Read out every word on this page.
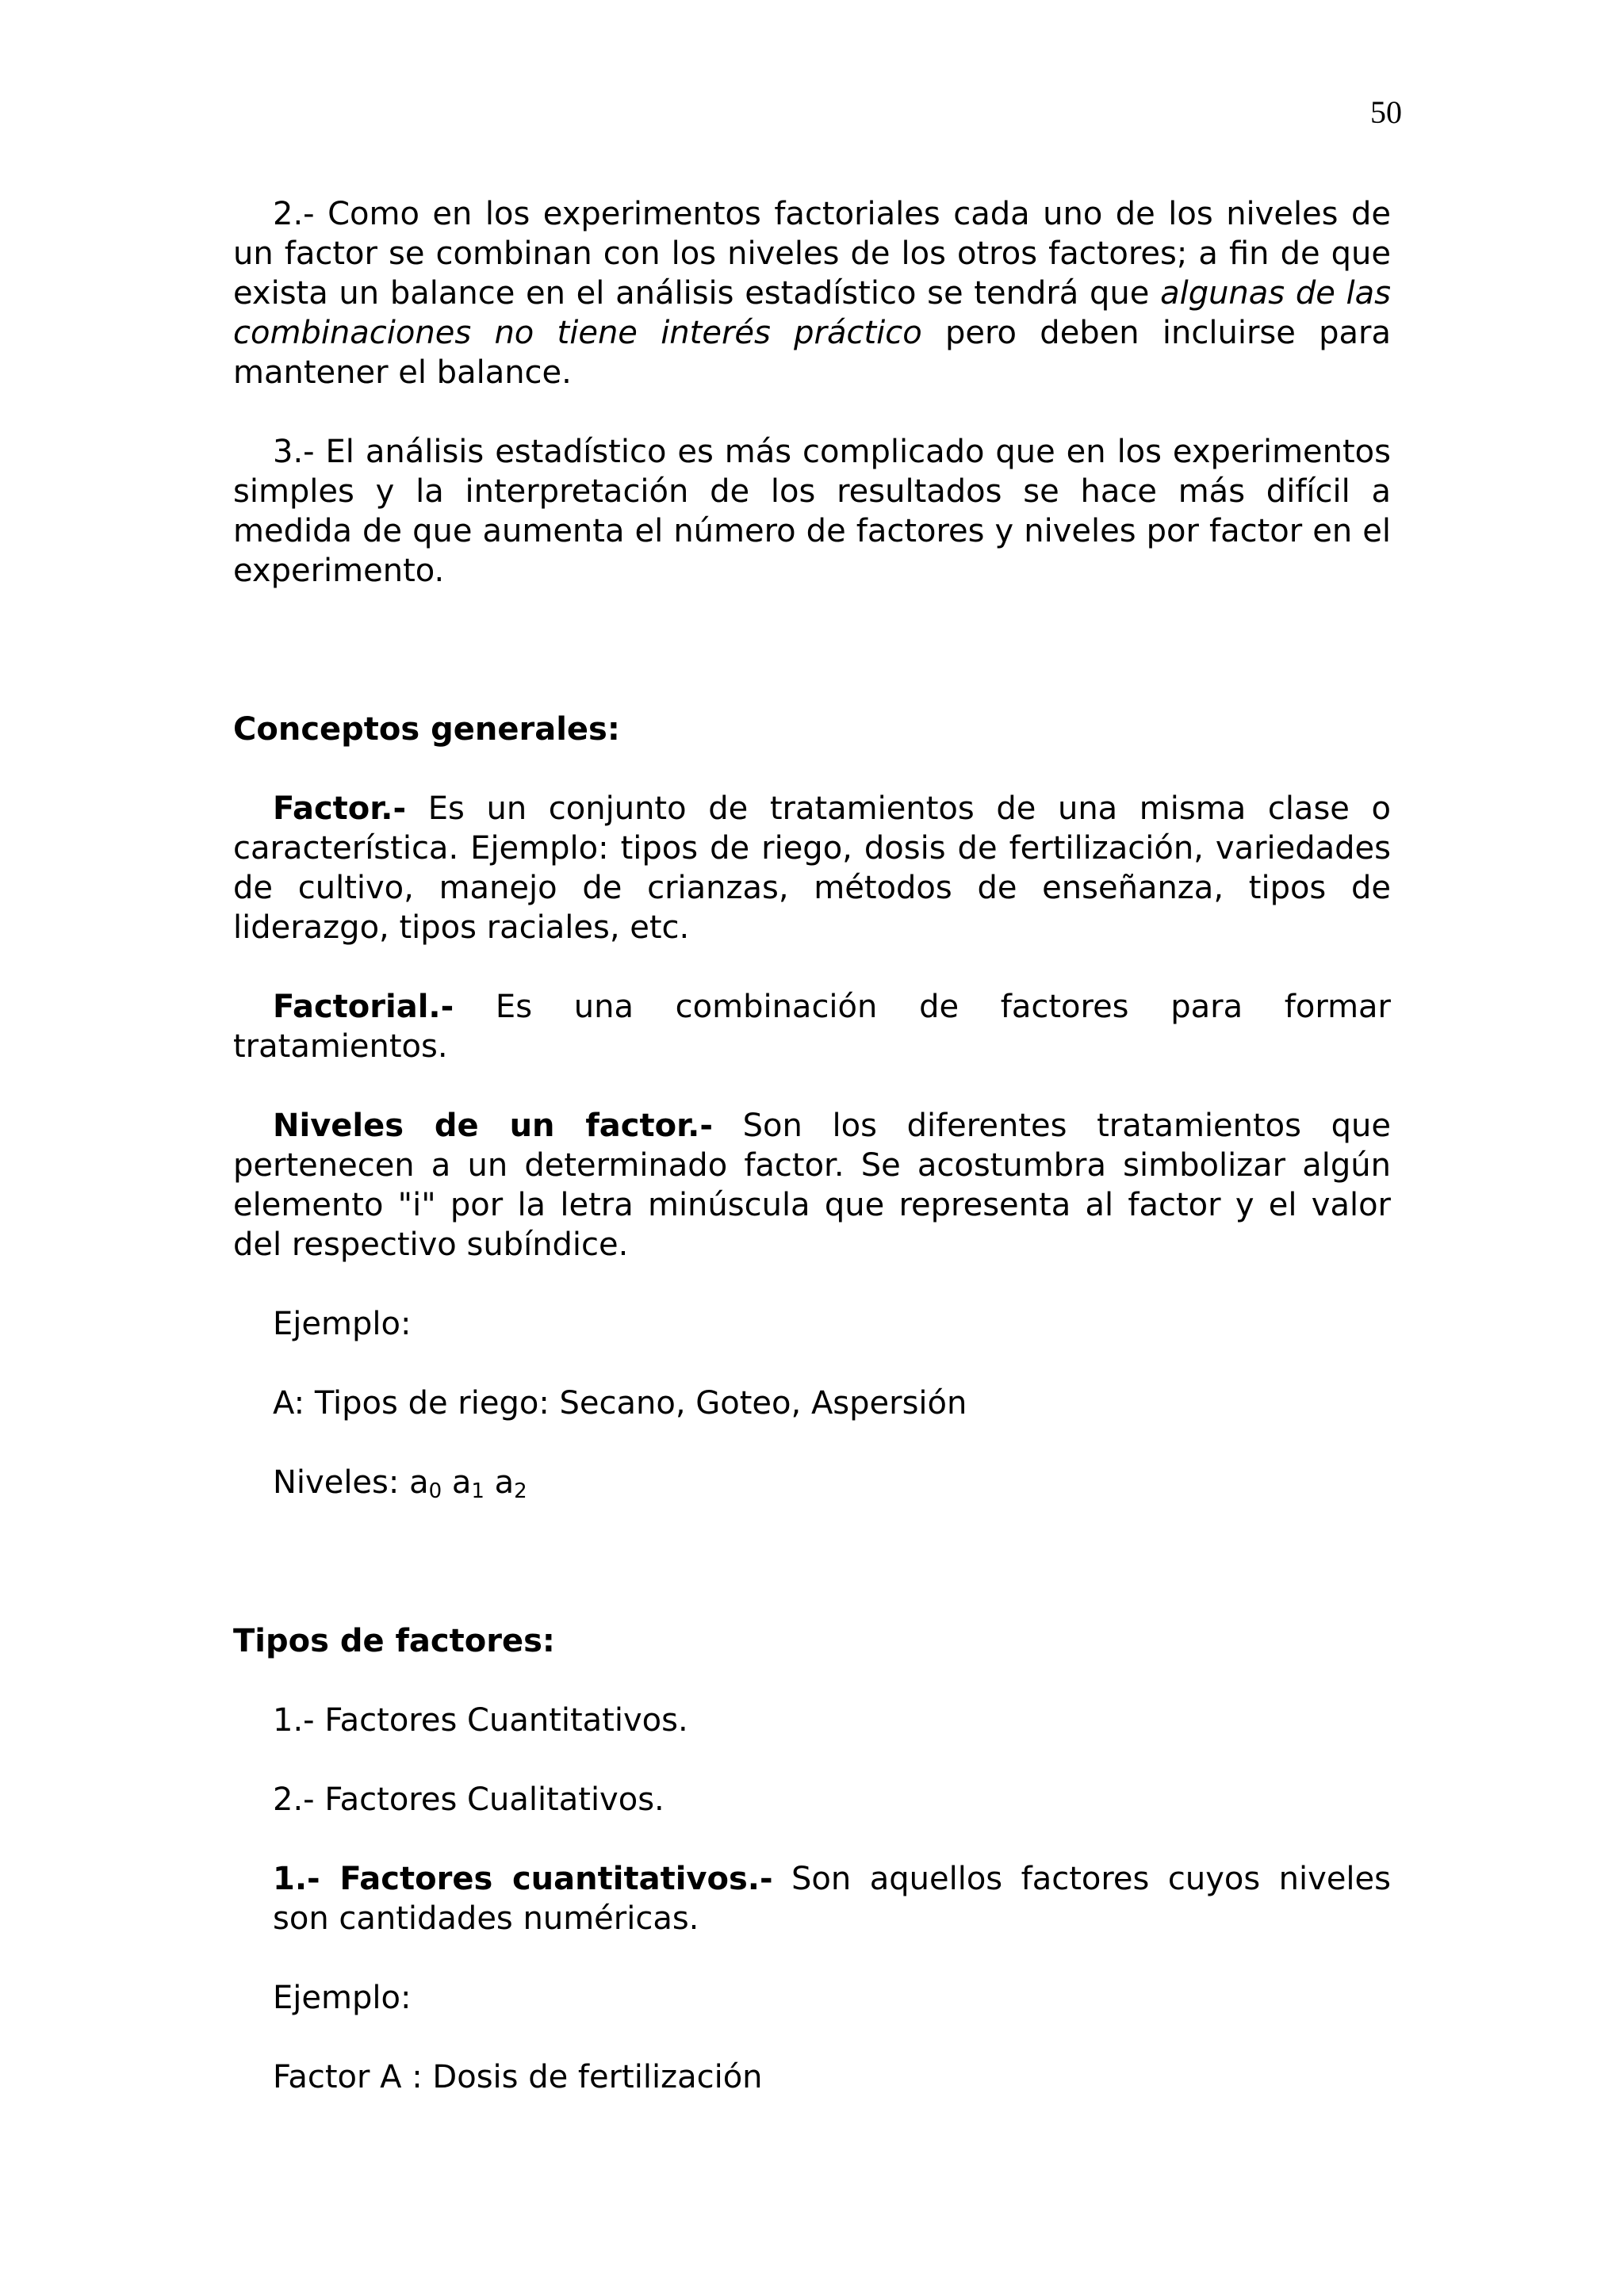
50

2.- Como en los experimentos factoriales cada uno de los niveles de un factor se combinan con los niveles de los otros factores; a fin de que exista un balance en el análisis estadístico se tendrá que algunas de las combinaciones no tiene interés práctico pero deben incluirse para mantener el balance.

3.- El análisis estadístico es más complicado que en los experimentos simples y la interpretación de los resultados se hace más difícil a medida de que aumenta el número de factores y niveles por factor en el experimento.

Conceptos generales:

Factor.- Es un conjunto de tratamientos de una misma clase o característica. Ejemplo: tipos de riego, dosis de fertilización, variedades de cultivo, manejo de crianzas, métodos de enseñanza, tipos de liderazgo, tipos raciales, etc.

Factorial.- Es una combinación de factores para formar tratamientos.

Niveles de un factor.- Son los diferentes tratamientos que pertenecen a un determinado factor. Se acostumbra simbolizar algún elemento "i" por la letra minúscula que representa al factor y el valor del respectivo subíndice.

Ejemplo:
A: Tipos de riego: Secano, Goteo, Aspersión
Niveles: $a_0$ $a_1$ $a_2$
Tipos de factores:
1.- Factores Cuantitativos.
2.- Factores Cualitativos.

1.- Factores cuantitativos.- Son aquellos factores cuyos niveles son cantidades numéricas.

Ejemplo:
Factor A : Dosis de fertilización
